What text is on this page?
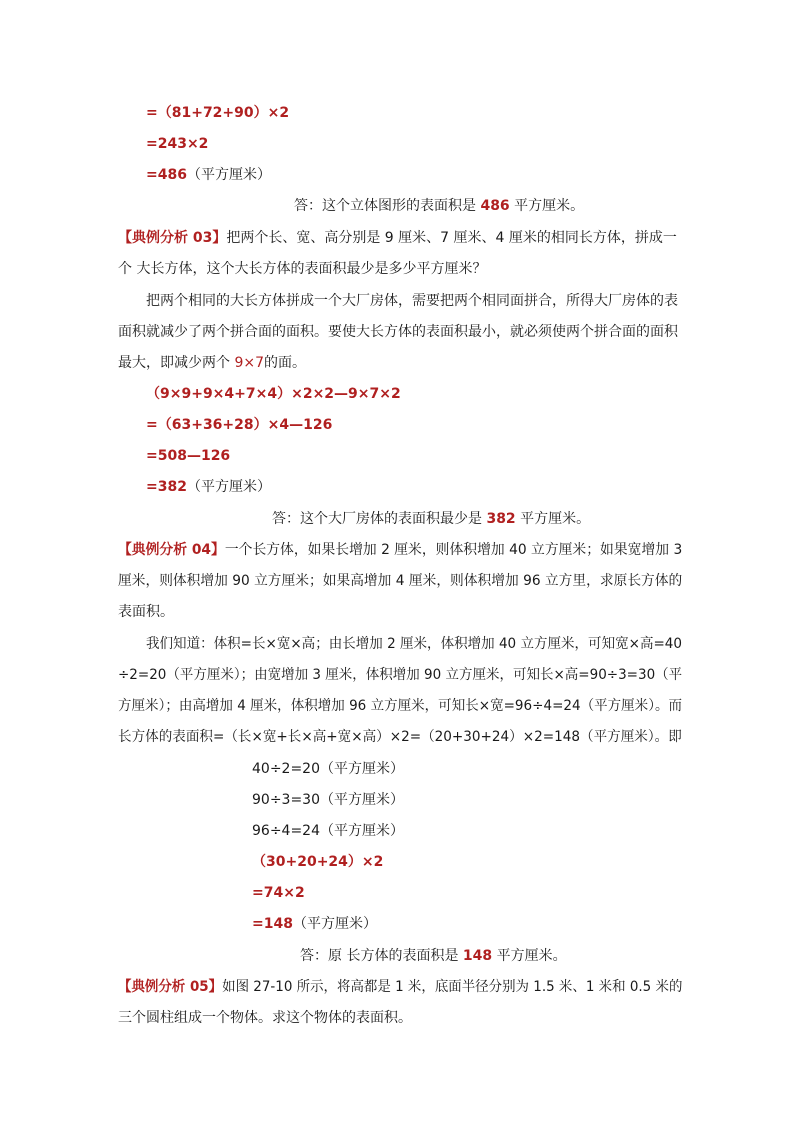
=（81+72+90）×2
=243×2
=486（平方厘米）
答：这个立体图形的表面积是 486 平方厘米。
【典例分析 03】把两个长、宽、高分别是 9 厘米、7 厘米、4 厘米的相同长方体，拼成一
个 大长方体，这个大长方体的表面积最少是多少平方厘米？
把两个相同的大长方体拼成一个大厂房体，需要把两个相同面拼合，所得大厂房体的表
面积就减少了两个拼合面的面积。要使大长方体的表面积最小，就必须使两个拼合面的面积
最大，即减少两个 9×7的面。
（9×9+9×4+7×4）×2×2—9×7×2
=（63+36+28）×4—126
=508—126
=382（平方厘米）
答：这个大厂房体的表面积最少是 382 平方厘米。
【典例分析 04】一个长方体，如果长增加 2 厘米，则体积增加 40 立方厘米；如果宽增加 3
厘米，则体积增加 90 立方厘米；如果高增加 4 厘米，则体积增加 96 立方里，求原长方体的
表面积。
我们知道：体积=长×宽×高；由长增加 2 厘米，体积增加 40 立方厘米，可知宽×高=40
÷2=20（平方厘米）；由宽增加 3 厘米，体积增加 90 立方厘米，可知长×高=90÷3=30（平
方厘米）；由高增加 4 厘米，体积增加 96 立方厘米，可知长×宽=96÷4=24（平方厘米）。而
长方体的表面积=（长×宽+长×高+宽×高）×2=（20+30+24）×2=148（平方厘米）。即
40÷2=20（平方厘米）
90÷3=30（平方厘米）
96÷4=24（平方厘米）
（30+20+24）×2
=74×2
=148（平方厘米）
答：原 长方体的表面积是 148 平方厘米。
【典例分析 05】如图 27-10 所示，将高都是 1 米，底面半径分别为 1.5 米、1 米和 0.5 米的
三个圆柱组成一个物体。求这个物体的表面积。
